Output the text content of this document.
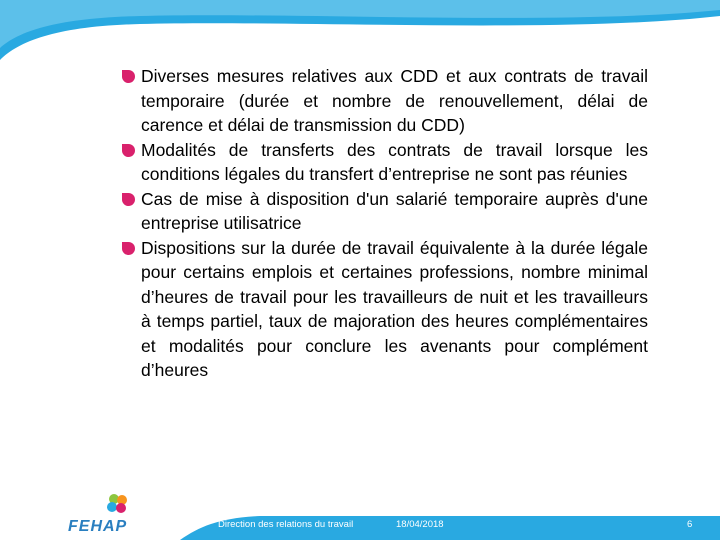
Diverses mesures relatives aux CDD et aux contrats de travail temporaire (durée et nombre de renouvellement, délai de carence et délai de transmission du CDD)
Modalités de transferts des contrats de travail lorsque les conditions légales du transfert d’entreprise ne sont pas réunies
Cas de mise à disposition d'un salarié temporaire auprès d'une entreprise utilisatrice
Dispositions sur la durée de travail équivalente à la durée légale pour certains emplois et certaines professions, nombre minimal d’heures de travail pour les travailleurs de nuit et les travailleurs à temps partiel, taux de majoration des heures complémentaires et modalités pour conclure les avenants pour complément d’heures
FEHAP	Direction des relations du travail	18/04/2018	6
